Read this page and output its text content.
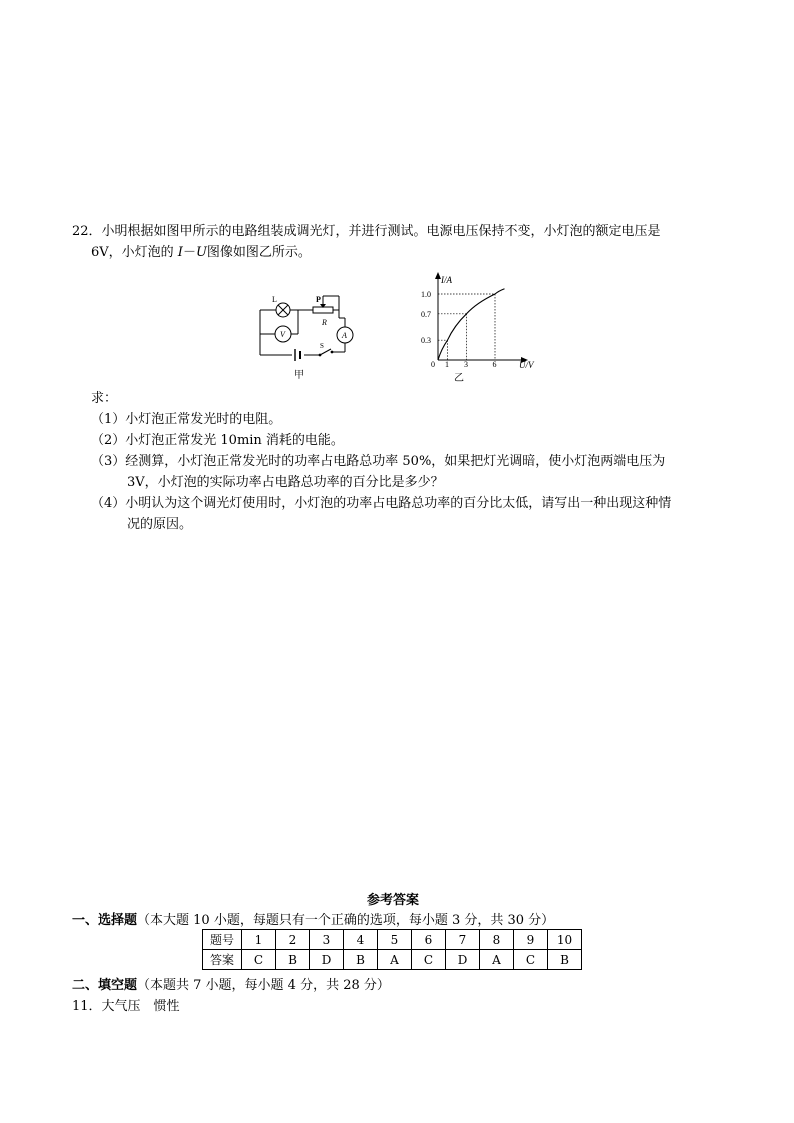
22．小明根据如图甲所示的电路组装成调光灯，并进行测试。电源电压保持不变，小灯泡的额定电压是
6V，小灯泡的 I－U图像如图乙所示。
L	P
R
V	A
S
甲
I/A
U/V
0
乙
1
0.3
3
0.7
6
1.0
求：
（1）小灯泡正常发光时的电阻。
（2）小灯泡正常发光 10min 消耗的电能。
（3）经测算，小灯泡正常发光时的功率占电路总功率 50%，如果把灯光调暗，使小灯泡两端电压为
3V，小灯泡的实际功率占电路总功率的百分比是多少？
（4）小明认为这个调光灯使用时，小灯泡的功率占电路总功率的百分比太低，请写出一种出现这种情
况的原因。
参考答案
一、选择题（本大题 10 小题，每题只有一个正确的选项，每小题 3 分，共 30 分）
题号	1	2	3	4	5	6	7	8	9	10
答案	C	B	D	B	A	C	D	A	C	B
二、填空题（本题共 7 小题，每小题 4 分，共 28 分）
11．大气压　惯性
